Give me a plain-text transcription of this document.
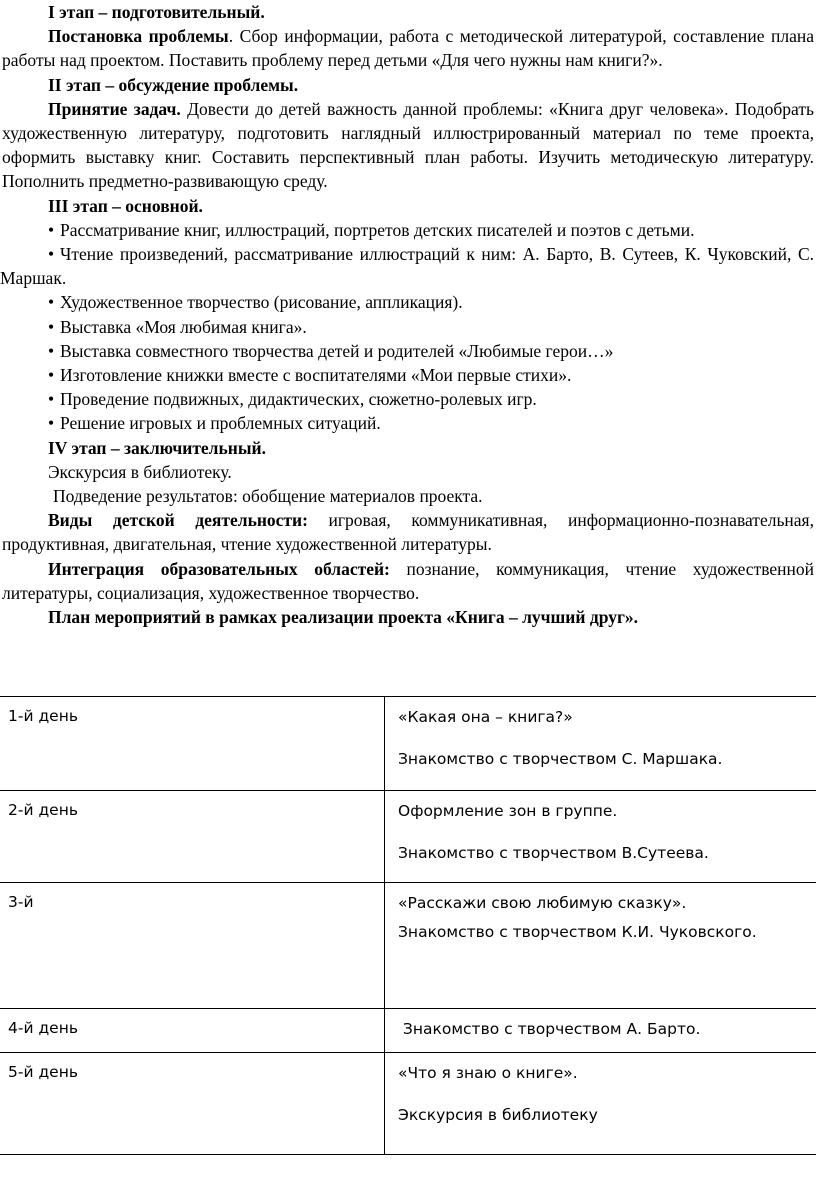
I этап – подготовительный.

Постановка проблемы. Сбор информации, работа с методической литературой, составление плана работы над проектом. Поставить проблему перед детьми «Для чего нужны нам книги?».

II этап – обсуждение проблемы.

Принятие задач. Довести до детей важность данной проблемы: «Книга друг человека». Подобрать художественную литературу, подготовить наглядный иллюстрированный материал по теме проекта, оформить выставку книг. Составить перспективный план работы. Изучить методическую литературу. Пополнить предметно-развивающую среду.

III этап – основной.

• Рассматривание книг, иллюстраций, портретов детских писателей и поэтов с детьми.

• Чтение произведений, рассматривание иллюстраций к ним: А. Барто, В. Сутеев, К. Чуковский, С. Маршак.

• Художественное творчество (рисование, аппликация).

• Выставка «Моя любимая книга».

• Выставка совместного творчества детей и родителей «Любимые герои…»

• Изготовление книжки вместе с воспитателями «Мои первые стихи».

• Проведение подвижных, дидактических, сюжетно-ролевых игр.

• Решение игровых и проблемных ситуаций.

IV этап – заключительный.

Экскурсия в библиотеку.

Подведение результатов: обобщение материалов проекта.

Виды детской деятельности: игровая, коммуникативная, информационно-познавательная, продуктивная, двигательная, чтение художественной литературы.

Интеграция образовательных областей: познание, коммуникация, чтение художественной литературы, социализация, художественное творчество.

План мероприятий в рамках реализации проекта «Книга – лучший друг».

1-й день	«Какая она – книга?»
Знакомство с творчеством С. Маршака.

2-й день	Оформление зон в группе.
Знакомство с творчеством В.Сутеева.

3-й	«Расскажи свою любимую сказку».
Знакомство с творчеством К.И. Чуковского.

4-й день	Знакомство с творчеством А. Барто.

5-й день	«Что я знаю о книге».
Экскурсия в библиотеку
